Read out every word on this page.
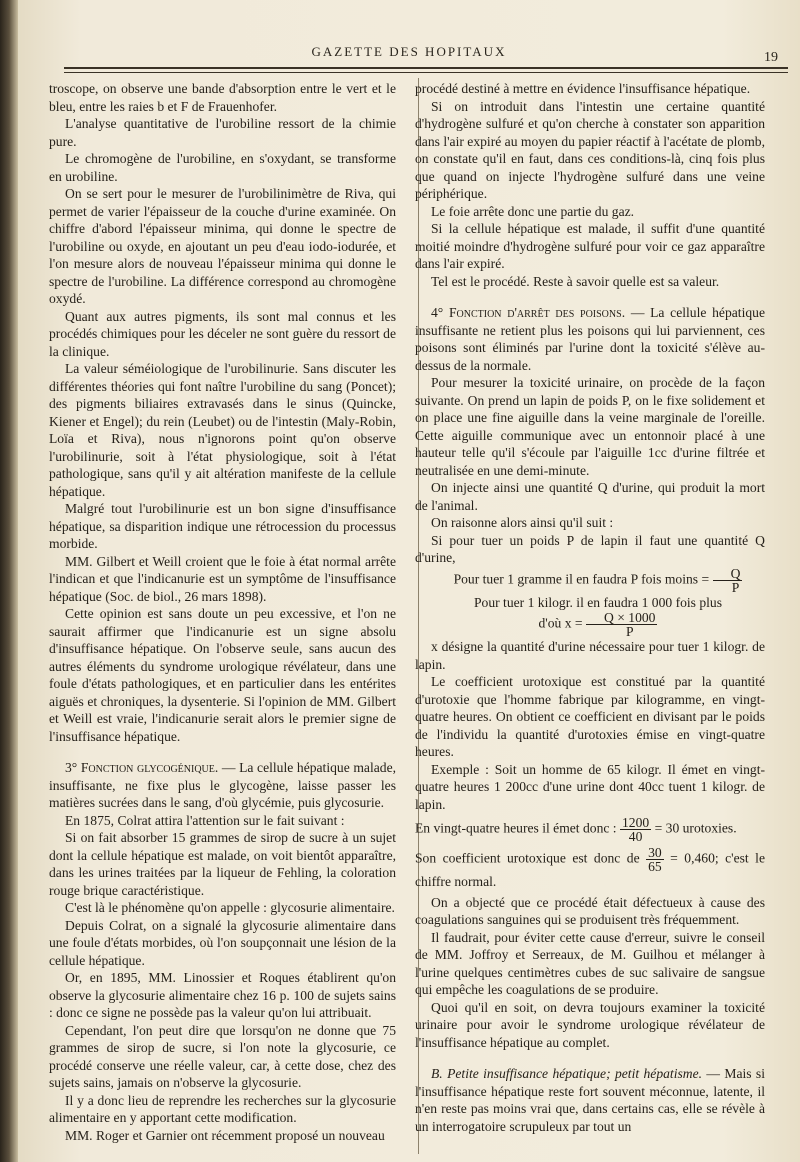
GAZETTE DES HOPITAUX	19

troscope, on observe une bande d'absorption entre le vert et le bleu, entre les raies b et F de Frauenhofer.

L'analyse quantitative de l'urobiline ressort de la chimie pure.

Le chromogène de l'urobiline, en s'oxydant, se transforme en urobiline.

On se sert pour le mesurer de l'urobilinimètre de Riva, qui permet de varier l'épaisseur de la couche d'urine examinée. On chiffre d'abord l'épaisseur minima, qui donne le spectre de l'urobiline ou oxyde, en ajoutant un peu d'eau iodo-iodurée, et l'on mesure alors de nouveau l'épaisseur minima qui donne le spectre de l'urobiline. La différence correspond au chromogène oxydé.

Quant aux autres pigments, ils sont mal connus et les procédés chimiques pour les déceler ne sont guère du ressort de la clinique.

La valeur séméiologique de l'urobilinurie. Sans discuter les différentes théories qui font naître l'urobiline du sang (Poncet); des pigments biliaires extravasés dans le sinus (Quincke, Kiener et Engel); du rein (Leubet) ou de l'intestin (Maly-Robin, Loïa et Riva), nous n'ignorons point qu'on observe l'urobilinurie, soit à l'état physiologique, soit à l'état pathologique, sans qu'il y ait altération manifeste de la cellule hépatique.

Malgré tout l'urobilinurie est un bon signe d'insuffisance hépatique, sa disparition indique une rétrocession du processus morbide.

MM. Gilbert et Weill croient que le foie à état normal arrête l'indican et que l'indicanurie est un symptôme de l'insuffisance hépatique (Soc. de biol., 26 mars 1898).

Cette opinion est sans doute un peu excessive, et l'on ne saurait affirmer que l'indicanurie est un signe absolu d'insuffisance hépatique. On l'observe seule, sans aucun des autres éléments du syndrome urologique révélateur, dans une foule d'états pathologiques, et en particulier dans les entérites aiguës et chroniques, la dysenterie. Si l'opinion de MM. Gilbert et Weill est vraie, l'indicanurie serait alors le premier signe de l'insuffisance hépatique.

3° Fonction glycogénique. — La cellule hépatique malade, insuffisante, ne fixe plus le glycogène, laisse passer les matières sucrées dans le sang, d'où glycémie, puis glycosurie.

En 1875, Colrat attira l'attention sur le fait suivant :

Si on fait absorber 15 grammes de sirop de sucre à un sujet dont la cellule hépatique est malade, on voit bientôt apparaître, dans les urines traitées par la liqueur de Fehling, la coloration rouge brique caractéristique.

C'est là le phénomène qu'on appelle : glycosurie alimentaire.

Depuis Colrat, on a signalé la glycosurie alimentaire dans une foule d'états morbides, où l'on soupçonnait une lésion de la cellule hépatique.

Or, en 1895, MM. Linossier et Roques établirent qu'on observe la glycosurie alimentaire chez 16 p. 100 de sujets sains : donc ce signe ne possède pas la valeur qu'on lui attribuait.

Cependant, l'on peut dire que lorsqu'on ne donne que 75 grammes de sirop de sucre, si l'on note la glycosurie, ce procédé conserve une réelle valeur, car, à cette dose, chez des sujets sains, jamais on n'observe la glycosurie.

Il y a donc lieu de reprendre les recherches sur la glycosurie alimentaire en y apportant cette modification.

MM. Roger et Garnier ont récemment proposé un nouveau

procédé destiné à mettre en évidence l'insuffisance hépatique.

Si on introduit dans l'intestin une certaine quantité d'hydrogène sulfuré et qu'on cherche à constater son apparition dans l'air expiré au moyen du papier réactif à l'acétate de plomb, on constate qu'il en faut, dans ces conditions-là, cinq fois plus que quand on injecte l'hydrogène sulfuré dans une veine périphérique.

Le foie arrête donc une partie du gaz.

Si la cellule hépatique est malade, il suffit d'une quantité moitié moindre d'hydrogène sulfuré pour voir ce gaz apparaître dans l'air expiré.

Tel est le procédé. Reste à savoir quelle est sa valeur.

4° Fonction d'arrêt des poisons. — La cellule hépatique insuffisante ne retient plus les poisons qui lui parviennent, ces poisons sont éliminés par l'urine dont la toxicité s'élève au-dessus de la normale.

Pour mesurer la toxicité urinaire, on procède de la façon suivante. On prend un lapin de poids P, on le fixe solidement et on place une fine aiguille dans la veine marginale de l'oreille. Cette aiguille communique avec un entonnoir placé à une hauteur telle qu'il s'écoule par l'aiguille 1cc d'urine filtrée et neutralisée en une demi-minute.

On injecte ainsi une quantité Q d'urine, qui produit la mort de l'animal.

On raisonne alors ainsi qu'il suit :

Si pour tuer un poids P de lapin il faut une quantité Q d'urine,

Pour tuer 1 gramme il en faudra P fois moins = $\frac{Q}{P}$

Pour tuer 1 kilogr. il en faudra 1 000 fois plus

d'où $x = \frac{Q \times 1000}{P}$

x désigne la quantité d'urine nécessaire pour tuer 1 kilogr. de lapin.

Le coefficient urotoxique est constitué par la quantité d'urotoxie que l'homme fabrique par kilogramme, en vingt-quatre heures. On obtient ce coefficient en divisant par le poids de l'individu la quantité d'urotoxies émise en vingt-quatre heures.

Exemple : Soit un homme de 65 kilogr. Il émet en vingt-quatre heures 1 200cc d'une urine dont 40cc tuent 1 kilogr. de lapin.

En vingt-quatre heures il émet donc : $\frac{1200}{40} = 30$ urotoxies.

Son coefficient urotoxique est donc de $\frac{30}{65} = 0,460$; c'est le chiffre normal.

On a objecté que ce procédé était défectueux à cause des coagulations sanguines qui se produisent très fréquemment.

Il faudrait, pour éviter cette cause d'erreur, suivre le conseil de MM. Joffroy et Serreaux, de M. Guilhou et mélanger à l'urine quelques centimètres cubes de suc salivaire de sangsue qui empêche les coagulations de se produire.

Quoi qu'il en soit, on devra toujours examiner la toxicité urinaire pour avoir le syndrome urologique révélateur de l'insuffisance hépatique au complet.

B. Petite insuffisance hépatique; petit hépatisme. — Mais si l'insuffisance hépatique reste fort souvent méconnue, latente, il n'en reste pas moins vrai que, dans certains cas, elle se révèle à un interrogatoire scrupuleux par tout un
